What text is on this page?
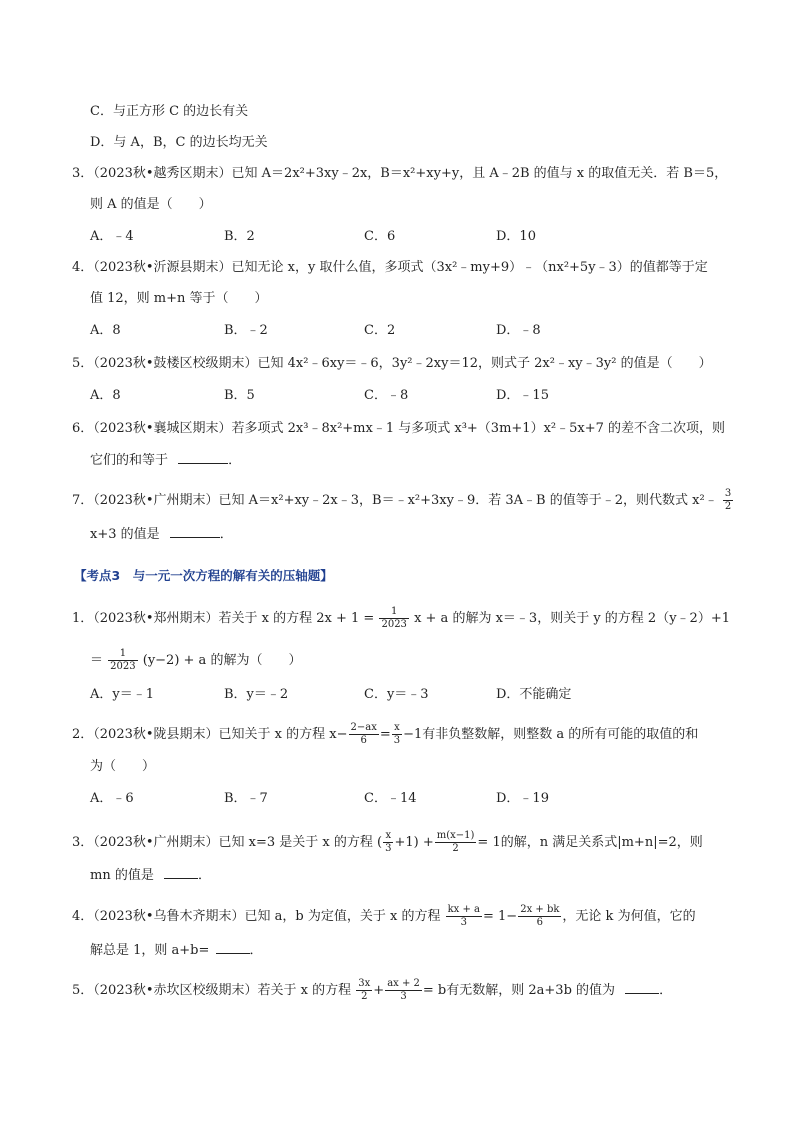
C．与正方形 C 的边长有关
D．与 A，B，C 的边长均无关
3．（2023秋•越秀区期末）已知 A＝2x²+3xy﹣2x，B＝x²+xy+y，且 A﹣2B 的值与 x 的取值无关．若 B＝5，
则 A 的值是（　　）
A．﹣4	B．2	C．6	D．10
4．（2023秋•沂源县期末）已知无论 x，y 取什么值，多项式（3x²﹣my+9）﹣（nx²+5y﹣3）的值都等于定
值 12，则 m+n 等于（　　）
A．8	B．﹣2	C．2	D．﹣8
5．（2023秋•鼓楼区校级期末）已知 4x²﹣6xy＝﹣6，3y²﹣2xy＝12，则式子 2x²﹣xy﹣3y² 的值是（　　）
A．8	B．5	C．﹣8	D．﹣15
6．（2023秋•襄城区期末）若多项式 2x³﹣8x²+mx﹣1 与多项式 x³+（3m+1）x²﹣5x+7 的差不含二次项，则
它们的和等于	．
7．（2023秋•广州期末）已知 A＝x²+xy﹣2x﹣3，B＝﹣x²+3xy﹣9．若 3A﹣B 的值等于﹣2，则代数式 x²﹣ $\frac{3}{2}$
x+3 的值是	．
【考点3　与一元一次方程的解有关的压轴题】
1．（2023秋•郑州期末）若关于 x 的方程 $2x + 1 = \frac{1}{2023}$ x + a 的解为 x＝﹣3，则关于 y 的方程 2（y﹣2）+1
＝ $\frac{1}{2023} (y-2) + a$ 的解为（　　）
A．y＝﹣1	B．y＝﹣2	C．y＝﹣3	D．不能确定
2．（2023秋•陇县期末）已知关于 x 的方程 $x- \frac{2-ax}{6} = \frac{x}{3} -1$有非负整数解，则整数 a 的所有可能的取值的和
为（　　）
A．﹣6	B．﹣7	C．﹣14	D．﹣19
3．（2023秋•广州期末）已知 x=3 是关于 x 的方程 ( $\frac{x}{3} +1) + \frac{m(x-1)}{2} = 1$的解，n 满足关系式|m+n|=2，则
mn 的值是	．
4．（2023秋•乌鲁木齐期末）已知 a，b 为定值，关于 x 的方程 $\frac{kx + a}{3} = 1- \frac{2x + bk}{6}$ ，无论 k 为何值，它的
解总是 1，则 a+b=	．
5．（2023秋•赤坎区校级期末）若关于 x 的方程 $\frac{3x}{2} + \frac{ax + 2}{3} = b$有无数解，则 2a+3b 的值为	．
